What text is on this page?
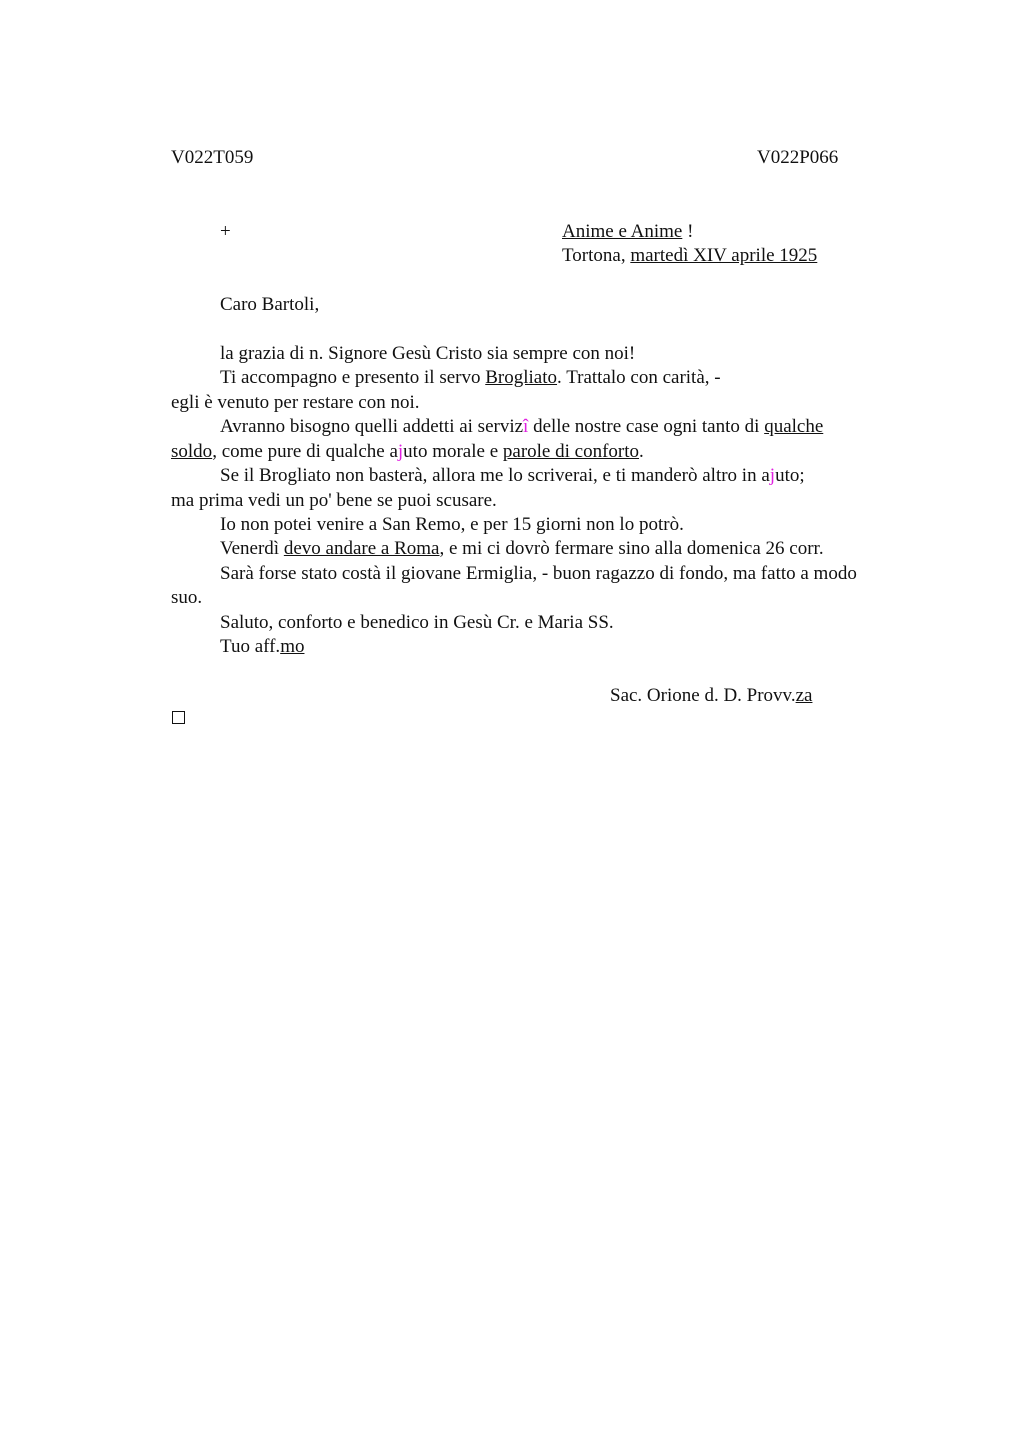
V022T059	V022P066
+	Anime e Anime !
Tortona, martedì XIV aprile 1925
Caro Bartoli,
la grazia di n. Signore Gesù Cristo sia sempre con noi!
Ti accompagno e presento il servo Brogliato. Trattalo con carità, -
egli è venuto per restare con noi.
Avranno bisogno quelli addetti ai servizî delle nostre case ogni tanto di qualche
soldo, come pure di qualche ajuto morale e parole di conforto.
Se il Brogliato non basterà, allora me lo scriverai, e ti manderò altro in ajuto;
ma prima vedi un po' bene se puoi scusare.
Io non potei venire a San Remo, e per 15 giorni non lo potrò.
Venerdì devo andare a Roma, e mi ci dovrò fermare sino alla domenica 26 corr.
Sarà forse stato costà il giovane Ermiglia, - buon ragazzo di fondo, ma fatto a modo
suo.
Saluto, conforto e benedico in Gesù Cr. e Maria SS.
Tuo aff.mo
Sac. Orione d. D. Provv.za
